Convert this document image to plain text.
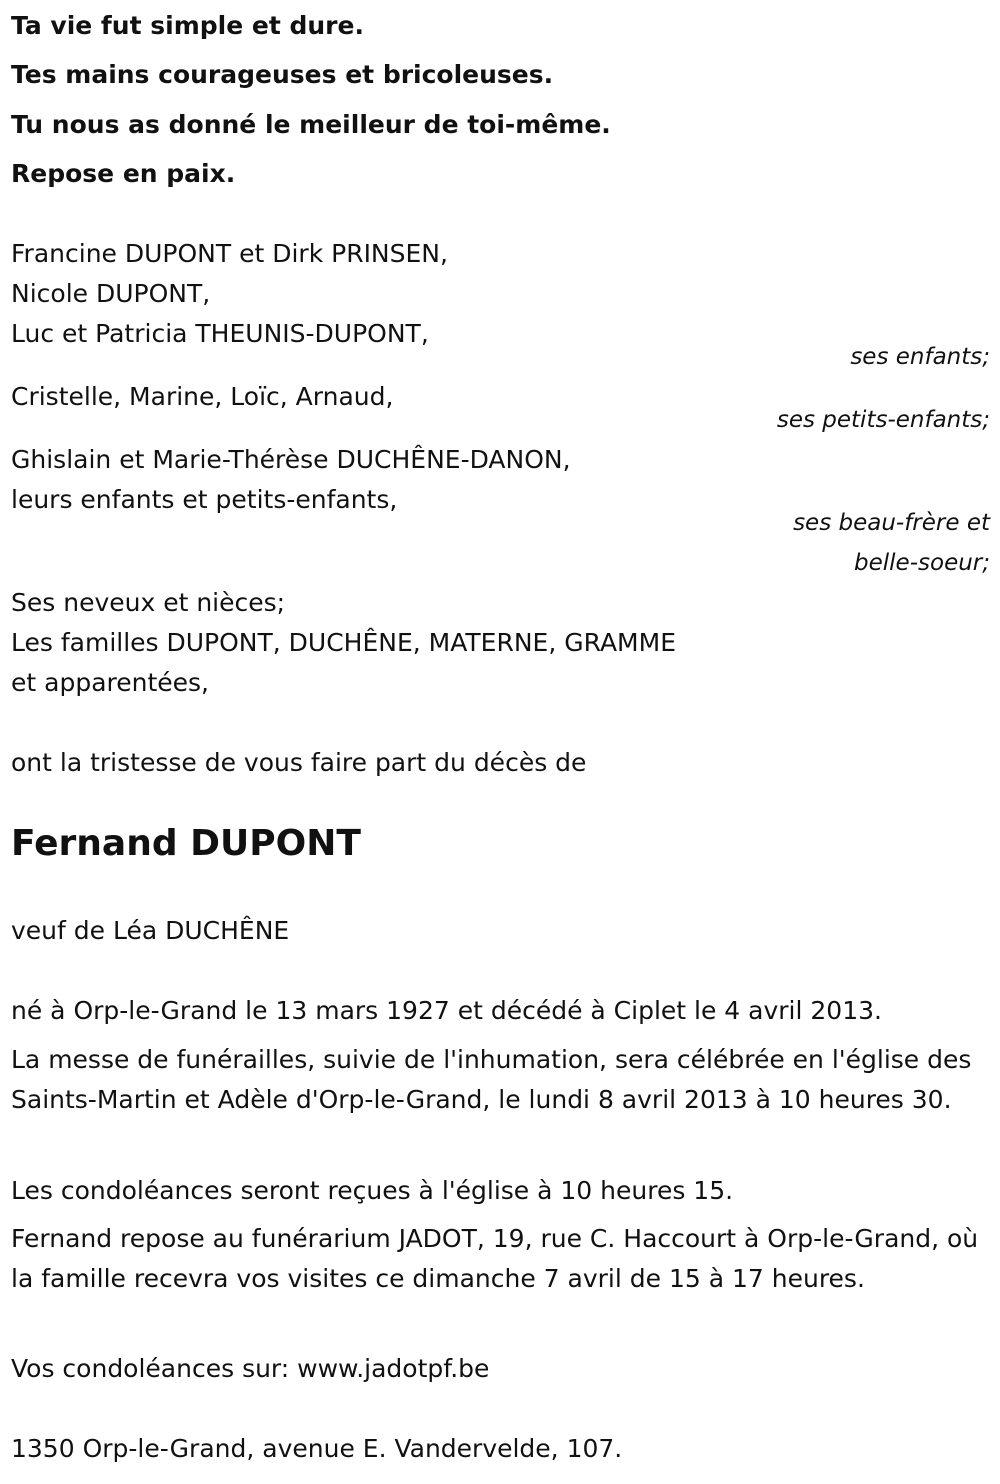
Ta vie fut simple et dure.
Tes mains courageuses et bricoleuses.
Tu nous as donné le meilleur de toi-même.
Repose en paix.
Francine DUPONT et Dirk PRINSEN,
Nicole DUPONT,
Luc et Patricia THEUNIS-DUPONT,
ses enfants;
Cristelle, Marine, Loïc, Arnaud,
ses petits-enfants;
Ghislain et Marie-Thérèse DUCHÊNE-DANON,
leurs enfants et petits-enfants,
ses beau-frère et
belle-soeur;
Ses neveux et nièces;
Les familles DUPONT, DUCHÊNE, MATERNE, GRAMME
et apparentées,
ont la tristesse de vous faire part du décès de
Fernand DUPONT
veuf de Léa DUCHÊNE
né à Orp-le-Grand le 13 mars 1927 et décédé à Ciplet le 4 avril 2013.
La messe de funérailles, suivie de l'inhumation, sera célébrée en l'église des Saints-Martin et Adèle d'Orp-le-Grand, le lundi 8 avril 2013 à 10 heures 30.
Les condoléances seront reçues à l'église à 10 heures 15.
Fernand repose au funérarium JADOT, 19, rue C. Haccourt à Orp-le-Grand, où la famille recevra vos visites ce dimanche 7 avril de 15 à 17 heures.
Vos condoléances sur: www.jadotpf.be
1350 Orp-le-Grand, avenue E. Vandervelde, 107.
